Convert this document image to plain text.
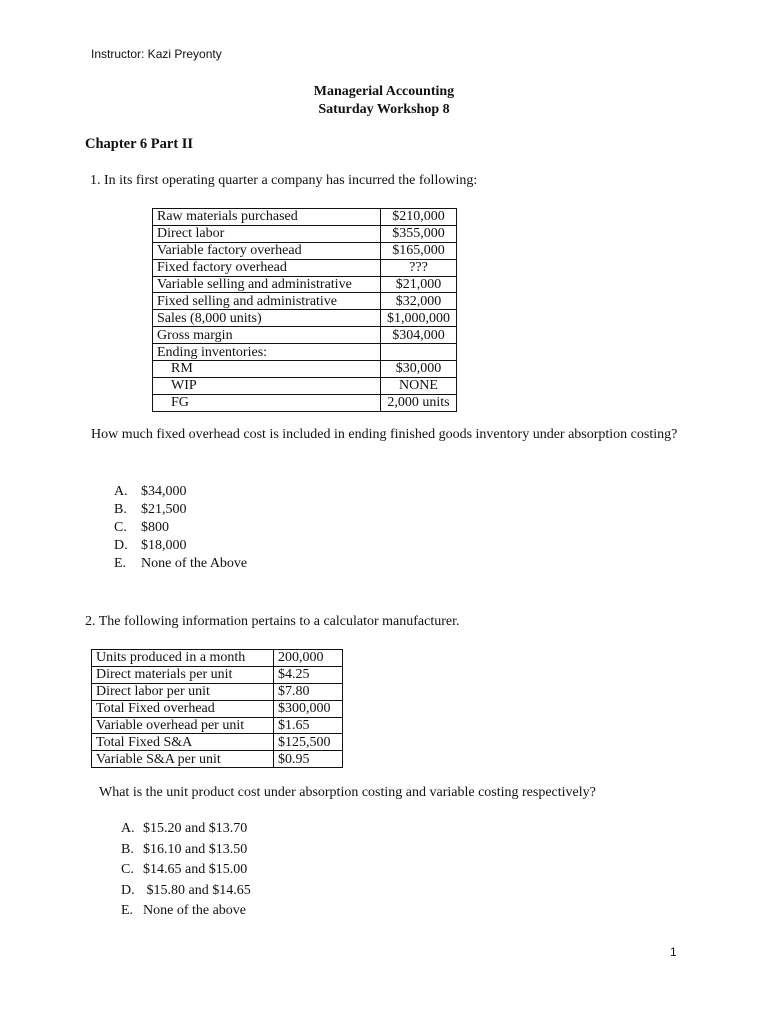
Instructor: Kazi Preyonty
Managerial Accounting
Saturday Workshop 8
Chapter 6 Part II
1. In its first operating quarter a company has incurred the following:
Raw materials purchased	$210,000
Direct labor	$355,000
Variable factory overhead	$165,000
Fixed factory overhead	???
Variable selling and administrative	$21,000
Fixed selling and administrative	$32,000
Sales (8,000 units)	$1,000,000
Gross margin	$304,000
Ending inventories:	
RM	$30,000
WIP	NONE
FG	2,000 units
How much fixed overhead cost is included in ending finished goods inventory under absorption costing?
A. $34,000
B. $21,500
C. $800
D. $18,000
E. None of the Above
2. The following information pertains to a calculator manufacturer.
Units produced in a month	200,000
Direct materials per unit	$4.25
Direct labor per unit	$7.80
Total Fixed overhead	$300,000
Variable overhead per unit	$1.65
Total Fixed S&A	$125,500
Variable S&A per unit	$0.95
What is the unit product cost under absorption costing and variable costing respectively?
A. $15.20 and $13.70
B. $16.10 and $13.50
C. $14.65 and $15.00
D. $15.80 and $14.65
E. None of the above
1
